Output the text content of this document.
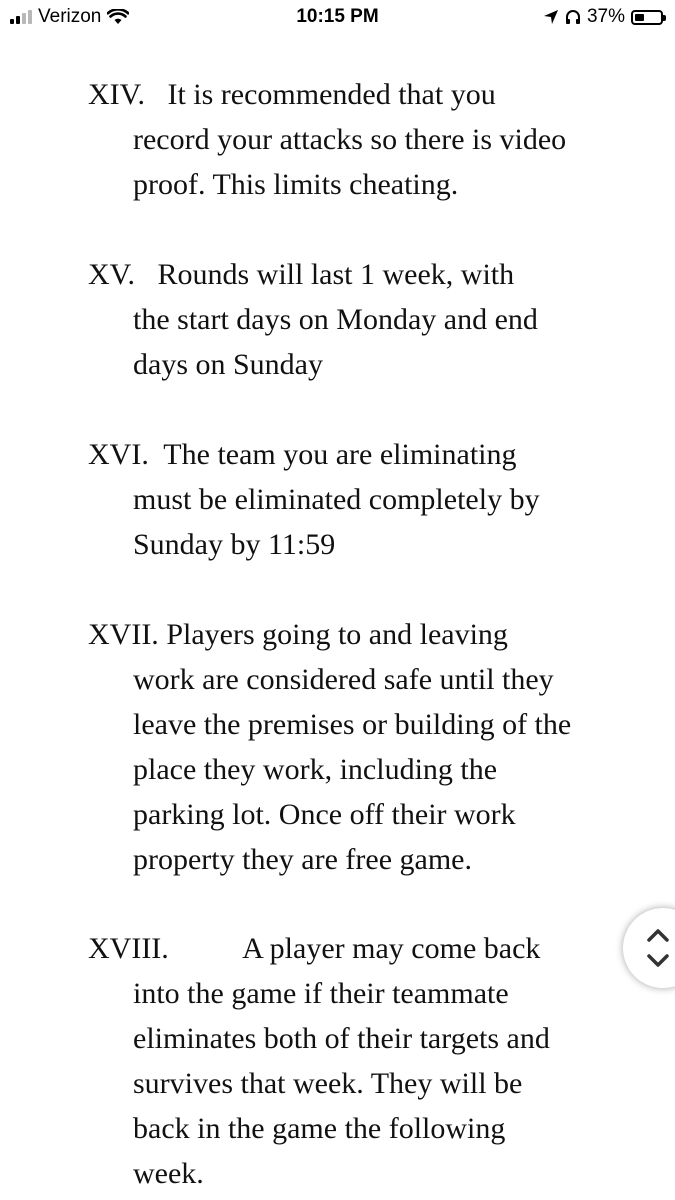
Verizon	10:15 PM	37%
XIV. It is recommended that you
record your attacks so there is video
proof. This limits cheating.
XV. Rounds will last 1 week, with
the start days on Monday and end
days on Sunday
XVI. The team you are eliminating
must be eliminated completely by
Sunday by 11:59
XVII. Players going to and leaving
work are considered safe until they
leave the premises or building of the
place they work, including the
parking lot. Once off their work
property they are free game.
XVIII. A player may come back
into the game if their teammate
eliminates both of their targets and
survives that week. They will be
back in the game the following
week.
